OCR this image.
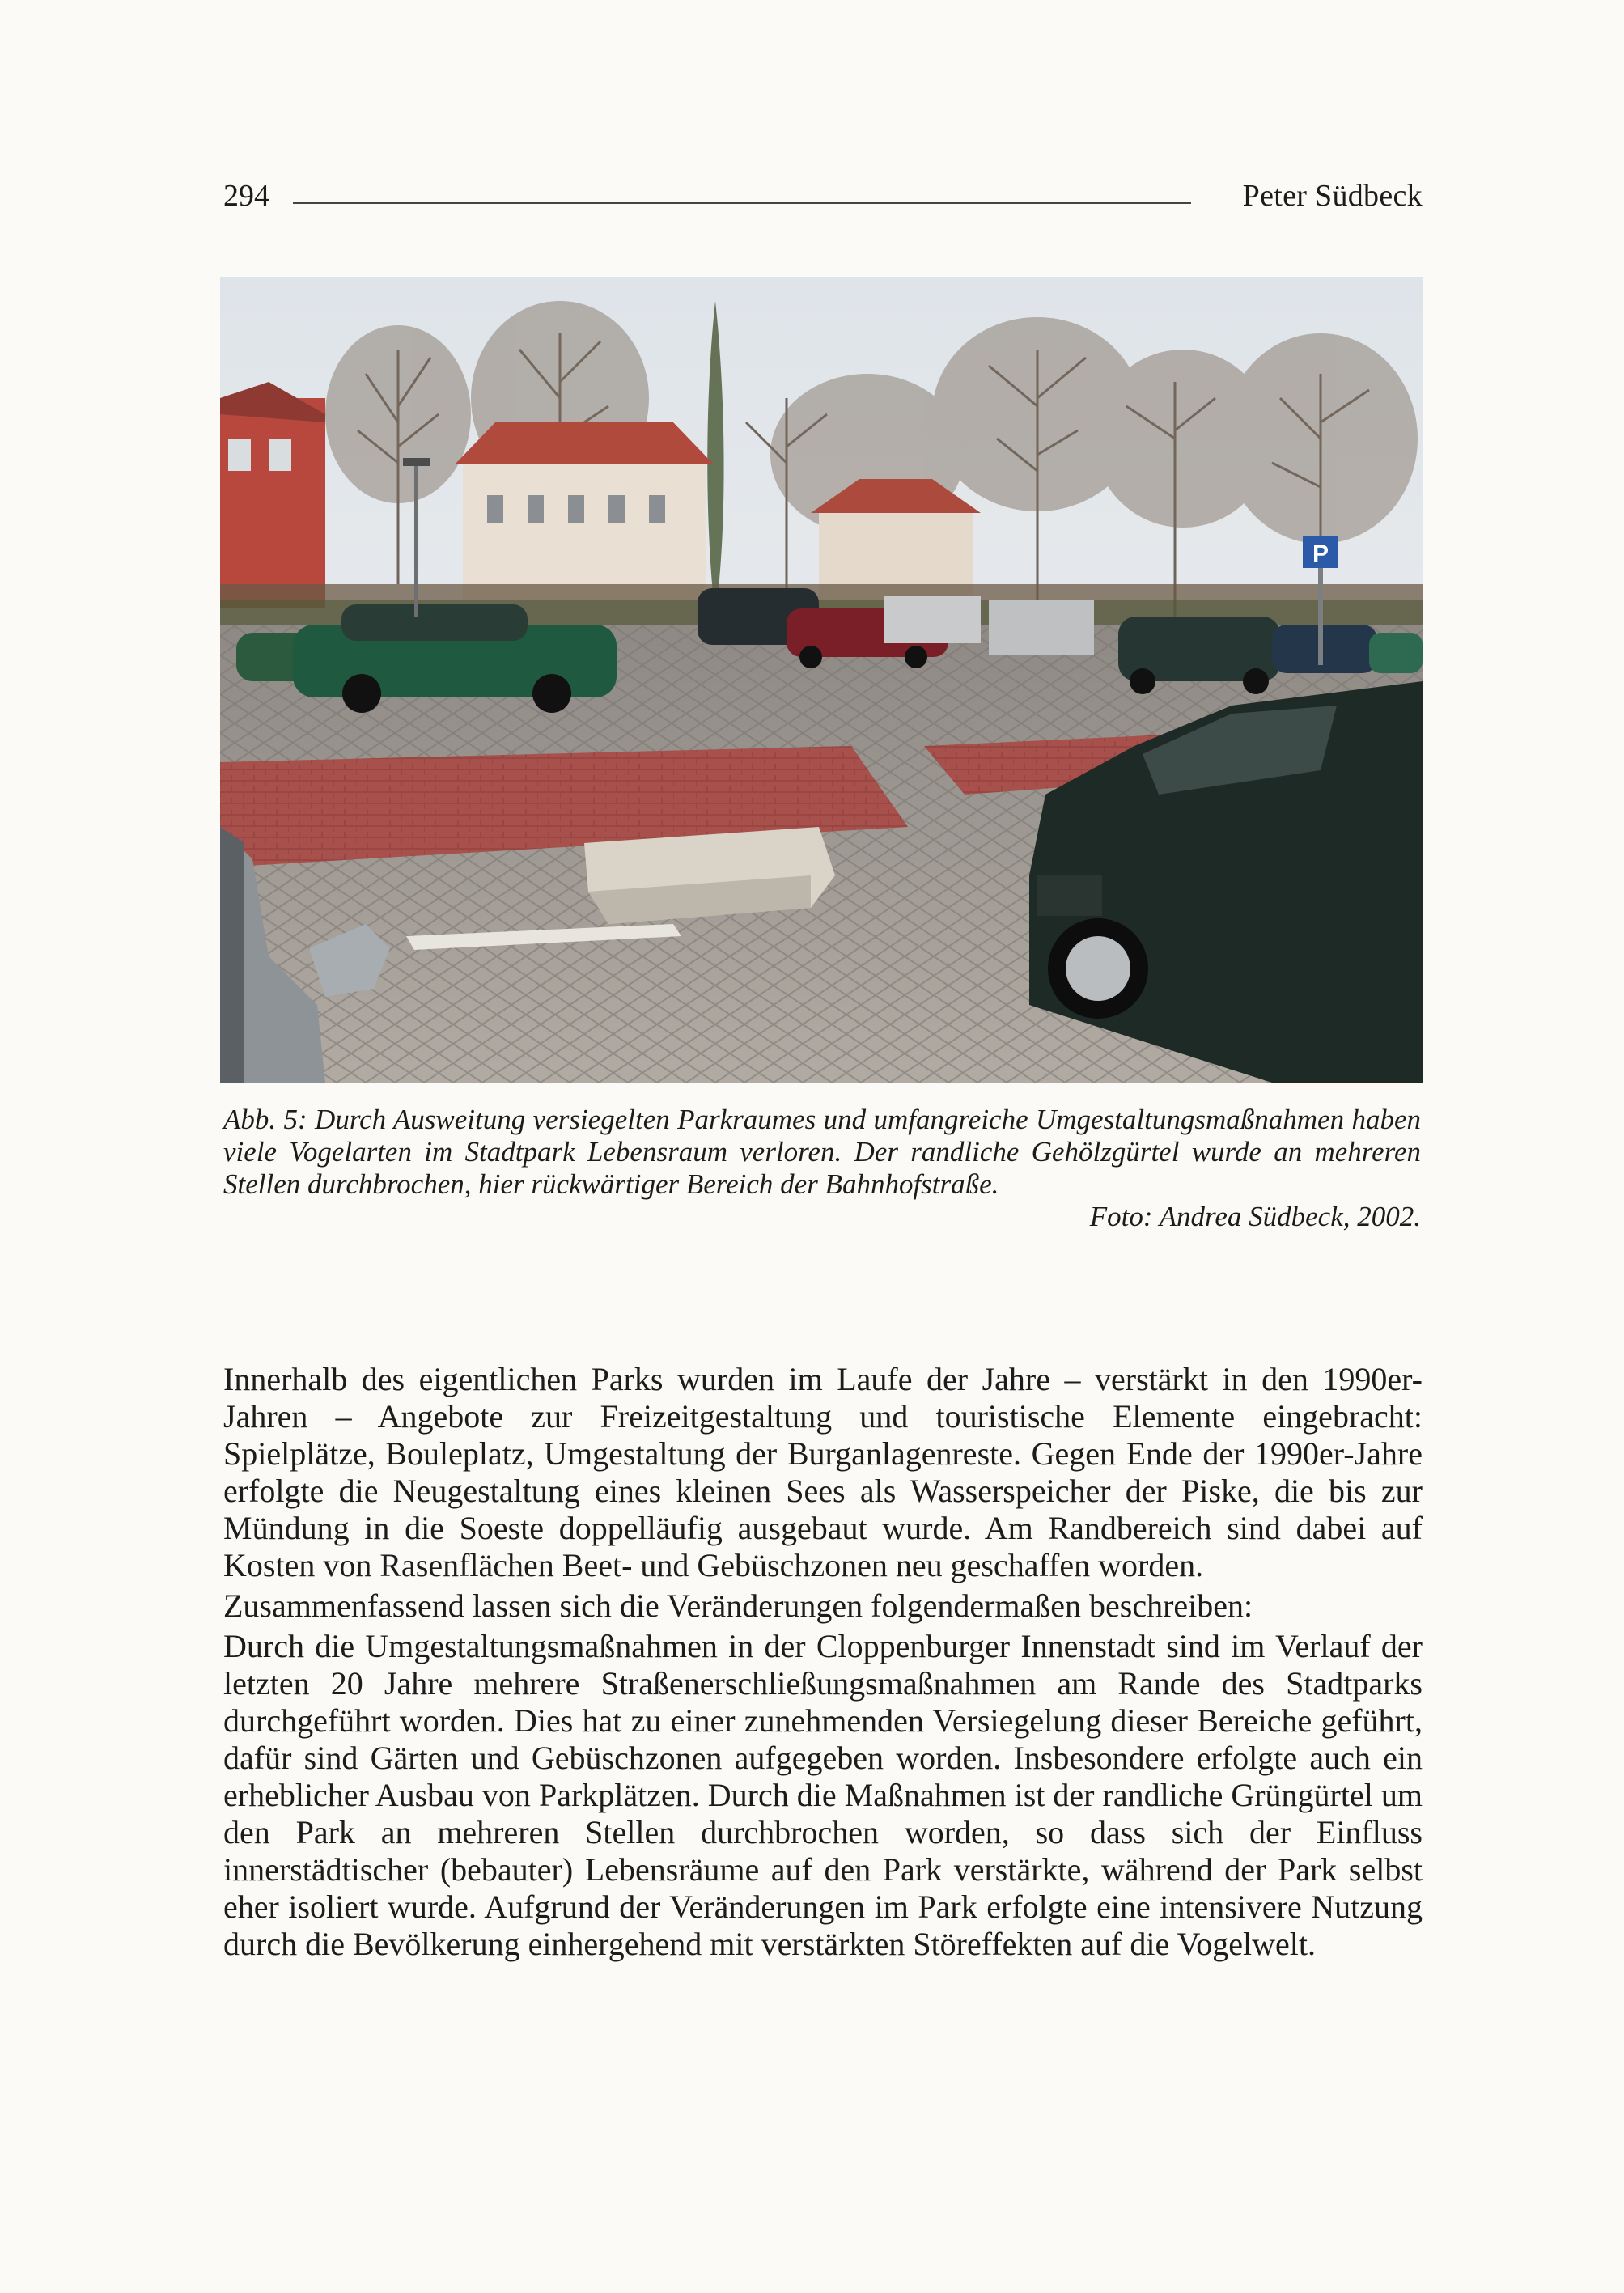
294	Peter Südbeck
P

Abb. 5: Durch Ausweitung versiegelten Parkraumes und umfangreiche Umgestaltungsmaßnahmen haben viele Vogelarten im Stadtpark Lebensraum verloren. Der randliche Gehölzgürtel wurde an mehreren Stellen durchbrochen, hier rückwärtiger Bereich der Bahnhofstraße.

Foto: Andrea Südbeck, 2002.

Innerhalb des eigentlichen Parks wurden im Laufe der Jahre – verstärkt in den 1990er-Jahren – Angebote zur Freizeitgestaltung und touristische Elemente eingebracht: Spielplätze, Bouleplatz, Umgestaltung der Burganlagenreste. Gegen Ende der 1990er-Jahre erfolgte die Neugestaltung eines kleinen Sees als Wasserspeicher der Piske, die bis zur Mündung in die Soeste doppelläufig ausgebaut wurde. Am Randbereich sind dabei auf Kosten von Rasenflächen Beet- und Gebüschzonen neu geschaffen worden.

Zusammenfassend lassen sich die Veränderungen folgendermaßen beschreiben:

Durch die Umgestaltungsmaßnahmen in der Cloppenburger Innenstadt sind im Verlauf der letzten 20 Jahre mehrere Straßenerschließungsmaßnahmen am Rande des Stadtparks durchgeführt worden. Dies hat zu einer zunehmenden Versiegelung dieser Bereiche geführt, dafür sind Gärten und Gebüschzonen aufgegeben worden. Insbesondere erfolgte auch ein erheblicher Ausbau von Parkplätzen. Durch die Maßnahmen ist der randliche Grüngürtel um den Park an mehreren Stellen durchbrochen worden, so dass sich der Einfluss innerstädtischer (bebauter) Lebensräume auf den Park verstärkte, während der Park selbst eher isoliert wurde. Aufgrund der Veränderungen im Park erfolgte eine intensivere Nutzung durch die Bevölkerung einhergehend mit verstärkten Störeffekten auf die Vogelwelt.
